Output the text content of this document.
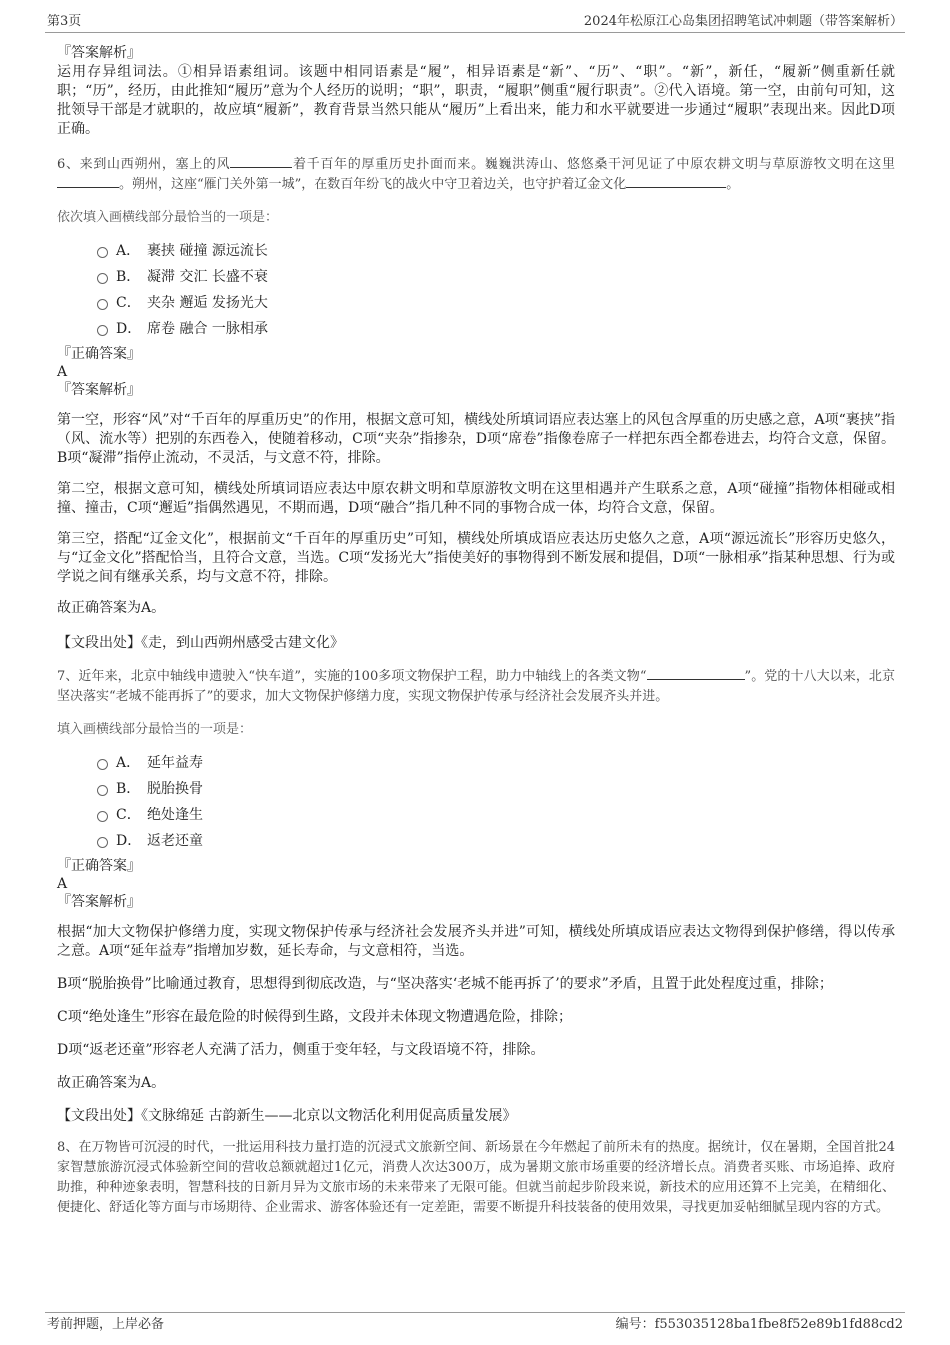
第3页	2024年松原江心岛集团招聘笔试冲刺题（带答案解析）

『答案解析』

运用存异组词法。①相异语素组词。该题中相同语素是“履”，相异语素是“新”、“历”、“职”。“新”，新任，“履新”侧重新任就职；“历”，经历，由此推知“履历”意为个人经历的说明；“职”，职责，“履职”侧重“履行职责”。②代入语境。第一空，由前句可知，这批领导干部是才就职的，故应填“履新”，教育背景当然只能从“履历”上看出来，能力和水平就要进一步通过“履职”表现出来。因此D项正确。

6、来到山西朔州，塞上的风	着千百年的厚重历史扑面而来。巍巍洪涛山、悠悠桑干河见证了中原农耕文明与草原游牧文明在这里。朔州，这座“雁门关外第一城”，在数百年纷飞的战火中守卫着边关，也守护着辽金文化	。

依次填入画横线部分最恰当的一项是：

A． 裹挟 碰撞 源远流长
B． 凝滞 交汇 长盛不衰
C． 夹杂 邂逅 发扬光大
D． 席卷 融合 一脉相承

『正确答案』

A

『答案解析』

第一空，形容“风”对“千百年的厚重历史”的作用，根据文意可知，横线处所填词语应表达塞上的风包含厚重的历史感之意，A项“裹挟”指（风、流水等）把别的东西卷入，使随着移动，C项“夹杂”指掺杂，D项“席卷”指像卷席子一样把东西全都卷进去，均符合文意，保留。B项“凝滞”指停止流动，不灵活，与文意不符，排除。

第二空，根据文意可知，横线处所填词语应表达中原农耕文明和草原游牧文明在这里相遇并产生联系之意，A项“碰撞”指物体相碰或相撞、撞击，C项“邂逅”指偶然遇见，不期而遇，D项“融合”指几种不同的事物合成一体，均符合文意，保留。

第三空，搭配“辽金文化”，根据前文“千百年的厚重历史”可知，横线处所填成语应表达历史悠久之意，A项“源远流长”形容历史悠久，与“辽金文化”搭配恰当，且符合文意，当选。C项“发扬光大”指使美好的事物得到不断发展和提倡，D项“一脉相承”指某种思想、行为或学说之间有继承关系，均与文意不符，排除。

故正确答案为A。

【文段出处】《走，到山西朔州感受古建文化》

7、近年来，北京中轴线申遗驶入“快车道”，实施的100多项文物保护工程，助力中轴线上的各类文物“	”。党的十八大以来，北京坚决落实“老城不能再拆了”的要求，加大文物保护修缮力度，实现文物保护传承与经济社会发展齐头并进。

填入画横线部分最恰当的一项是：

A． 延年益寿
B． 脱胎换骨
C． 绝处逢生
D． 返老还童

『正确答案』

A

『答案解析』

根据“加大文物保护修缮力度，实现文物保护传承与经济社会发展齐头并进”可知，横线处所填成语应表达文物得到保护修缮，得以传承之意。A项“延年益寿”指增加岁数，延长寿命，与文意相符，当选。

B项“脱胎换骨”比喻通过教育，思想得到彻底改造，与“坚决落实‘老城不能再拆了’的要求”矛盾，且置于此处程度过重，排除；

C项“绝处逢生”形容在最危险的时候得到生路，文段并未体现文物遭遇危险，排除；

D项“返老还童”形容老人充满了活力，侧重于变年轻，与文段语境不符，排除。

故正确答案为A。

【文段出处】《文脉绵延 古韵新生——北京以文物活化利用促高质量发展》

8、在万物皆可沉浸的时代，一批运用科技力量打造的沉浸式文旅新空间、新场景在今年燃起了前所未有的热度。据统计，仅在暑期，全国首批24家智慧旅游沉浸式体验新空间的营收总额就超过1亿元，消费人次达300万，成为暑期文旅市场重要的经济增长点。消费者买账、市场追捧、政府助推，种种迹象表明，智慧科技的日新月异为文旅市场的未来带来了无限可能。但就当前起步阶段来说，新技术的应用还算不上完美，在精细化、便捷化、舒适化等方面与市场期待、企业需求、游客体验还有一定差距，需要不断提升科技装备的使用效果，寻找更加妥帖细腻呈现内容的方式。

考前押题，上岸必备	编号：f553035128ba1fbe8f52e89b1fd88cd2
